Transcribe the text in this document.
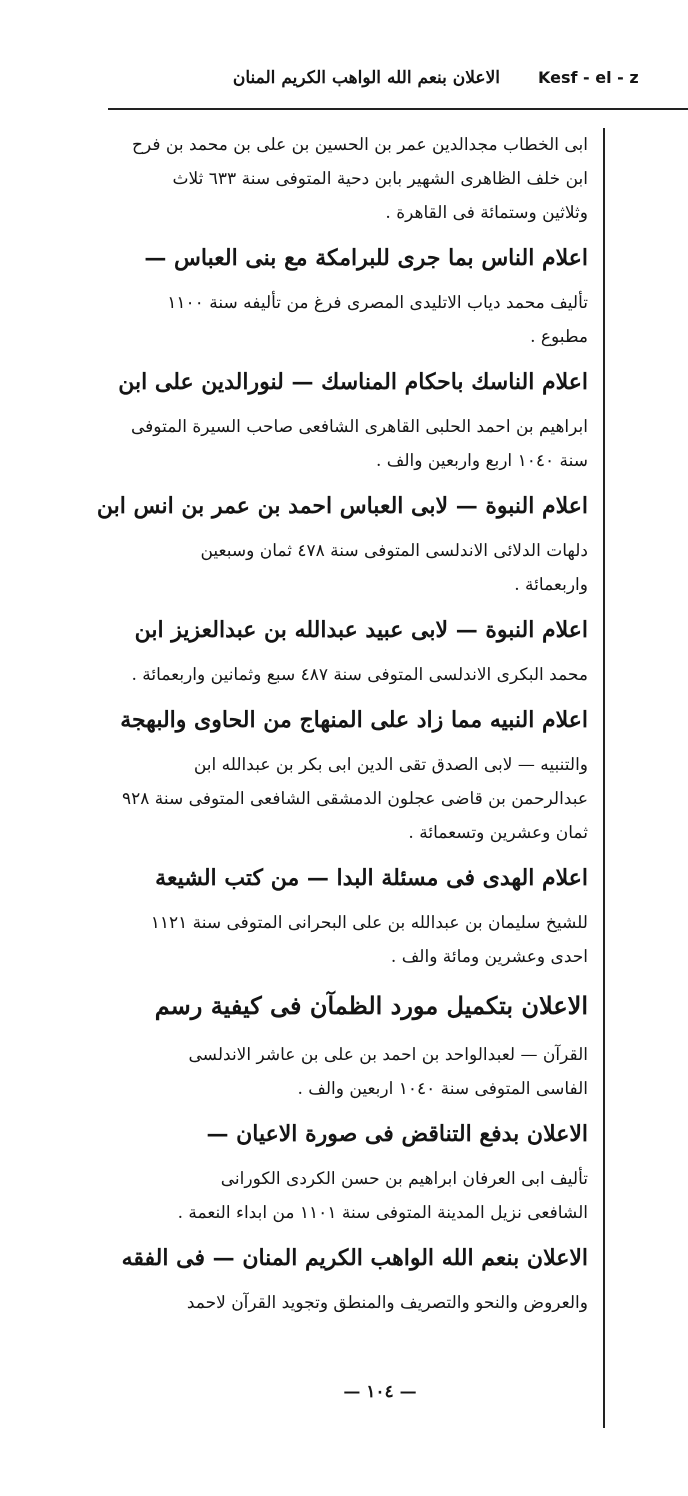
الاعلان بنعم الله الواهب الكريم المنان Kesf - el - z
ابى الخطاب مجدالدين عمر بن الحسين بن على بن محمد بن فرح
ابن خلف الظاهرى الشهير بابن دحية المتوفى سنة ٦٣٣ ثلاث
وثلاثين وستمائة فى القاهرة .
اعلام الناس بما جرى للبرامكة مع بنى العباس —
تأليف محمد دياب الاتليدى المصرى فرغ من تأليفه سنة ١١٠٠
مطبوع .
اعلام الناسك باحكام المناسك — لنورالدين على ابن
ابراهيم بن احمد الحلبى القاهرى الشافعى صاحب السيرة المتوفى
سنة ١٠٤٠ اربع واربعين والف .
اعلام النبوة — لابى العباس احمد بن عمر بن انس ابن
دلهات الدلائى الاندلسى المتوفى سنة ٤٧٨ ثمان وسبعين
واربعمائة .
اعلام النبوة — لابى عبيد عبدالله بن عبدالعزيز ابن
محمد البكرى الاندلسى المتوفى سنة ٤٨٧ سبع وثمانين واربعمائة .
اعلام النبيه مما زاد على المنهاج من الحاوى والبهجة
والتنبيه — لابى الصدق تقى الدين ابى بكر بن عبدالله ابن
عبدالرحمن بن قاضى عجلون الدمشقى الشافعى المتوفى سنة ٩٢٨
ثمان وعشرين وتسعمائة .
اعلام الهدى فى مسئلة البدا — من كتب الشيعة
للشيخ سليمان بن عبدالله بن على البحرانى المتوفى سنة ١١٢١
احدى وعشرين ومائة والف .
الاعلان بتكميل مورد الظمآن فى كيفية رسم
القرآن — لعبدالواحد بن احمد بن على بن عاشر الاندلسى
الفاسى المتوفى سنة ١٠٤٠ اربعين والف .
الاعلان بدفع التناقض فى صورة الاعيان —
تأليف ابى العرفان ابراهيم بن حسن الكردى الكورانى
الشافعى نزيل المدينة المتوفى سنة ١١٠١ من ابداء النعمة .
الاعلان بنعم الله الواهب الكريم المنان — فى الفقه
والعروض والنحو والتصريف والمنطق وتجويد القرآن لاحمد
— ١٠٤ —
